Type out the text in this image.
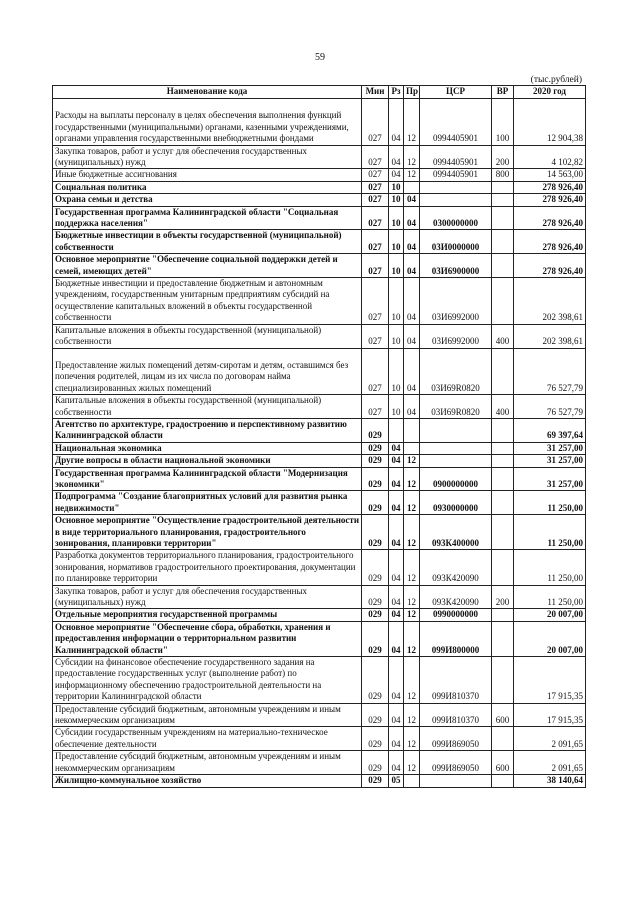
59
(тыс.рублей)
Наименование кода	Мин	Рз	Пр	ЦСР	ВР	2020 год
Расходы на выплаты персоналу в целях обеспечения выполнения функций государственными (муниципальными) органами, казенными учреждениями, органами управления государственными внебюджетными фондами	027	04	12	0994405901	100	12 904,38
Закупка товаров, работ и услуг для обеспечения государственных (муниципальных) нужд	027	04	12	0994405901	200	4 102,82
Иные бюджетные ассигнования	027	04	12	0994405901	800	14 563,00
Социальная политика	027	10				278 926,40
Охрана семьи и детства	027	10	04			278 926,40
Государственная программа Калининградской области "Социальная поддержка населения"	027	10	04	0300000000		278 926,40
Бюджетные инвестиции в объекты государственной (муниципальной) собственности	027	10	04	03И0000000		278 926,40
Основное мероприятие "Обеспечение социальной поддержки детей и семей, имеющих детей"	027	10	04	03И6900000		278 926,40
Бюджетные инвестиции и предоставление бюджетным и автономным учреждениям, государственным унитарным предприятиям субсидий на осуществление капитальных вложений в объекты государственной собственности	027	10	04	03И6992000		202 398,61
Капитальные вложения в объекты государственной (муниципальной) собственности	027	10	04	03И6992000	400	202 398,61
Предоставление жилых помещений детям-сиротам и детям, оставшимся без попечения родителей, лицам из их числа по договорам найма специализированных жилых помещений	027	10	04	03И69R0820		76 527,79
Капитальные вложения в объекты государственной (муниципальной) собственности	027	10	04	03И69R0820	400	76 527,79
Агентство по архитектуре, градостроению и перспективному развитию Калининградской области	029					69 397,64
Национальная экономика	029	04				31 257,00
Другие вопросы в области национальной экономики	029	04	12			31 257,00
Государственная программа Калининградской области "Модернизация экономики"	029	04	12	0900000000		31 257,00
Подпрограмма "Создание благоприятных условий для развития рынка недвижимости"	029	04	12	0930000000		11 250,00
Основное мероприятие "Осуществление градостроительной деятельности в виде территориального планирования, градостроительного зонирования, планировки территории"	029	04	12	093К400000		11 250,00
Разработка документов территориального планирования, градостроительного зонирования, нормативов градостроительного проектирования, документации по планировке территории	029	04	12	093К420090		11 250,00
Закупка товаров, работ и услуг для обеспечения государственных (муниципальных) нужд	029	04	12	093К420090	200	11 250,00
Отдельные мероприятия государственной программы	029	04	12	0990000000		20 007,00
Основное мероприятие "Обеспечение сбора, обработки, хранения и предоставления информации о территориальном развитии Калининградской области"	029	04	12	099И800000		20 007,00
Субсидии на финансовое обеспечение государственного задания на предоставление государственных услуг (выполнение работ) по информационному обеспечению градостроительной деятельности на территории Калининградской области	029	04	12	099И810370		17 915,35
Предоставление субсидий бюджетным, автономным учреждениям и иным некоммерческим организациям	029	04	12	099И810370	600	17 915,35
Субсидии государственным учреждениям на материально-техническое обеспечение деятельности	029	04	12	099И869050		2 091,65
Предоставление субсидий бюджетным, автономным учреждениям и иным некоммерческим организациям	029	04	12	099И869050	600	2 091,65
Жилищно-коммунальное хозяйство	029	05				38 140,64
